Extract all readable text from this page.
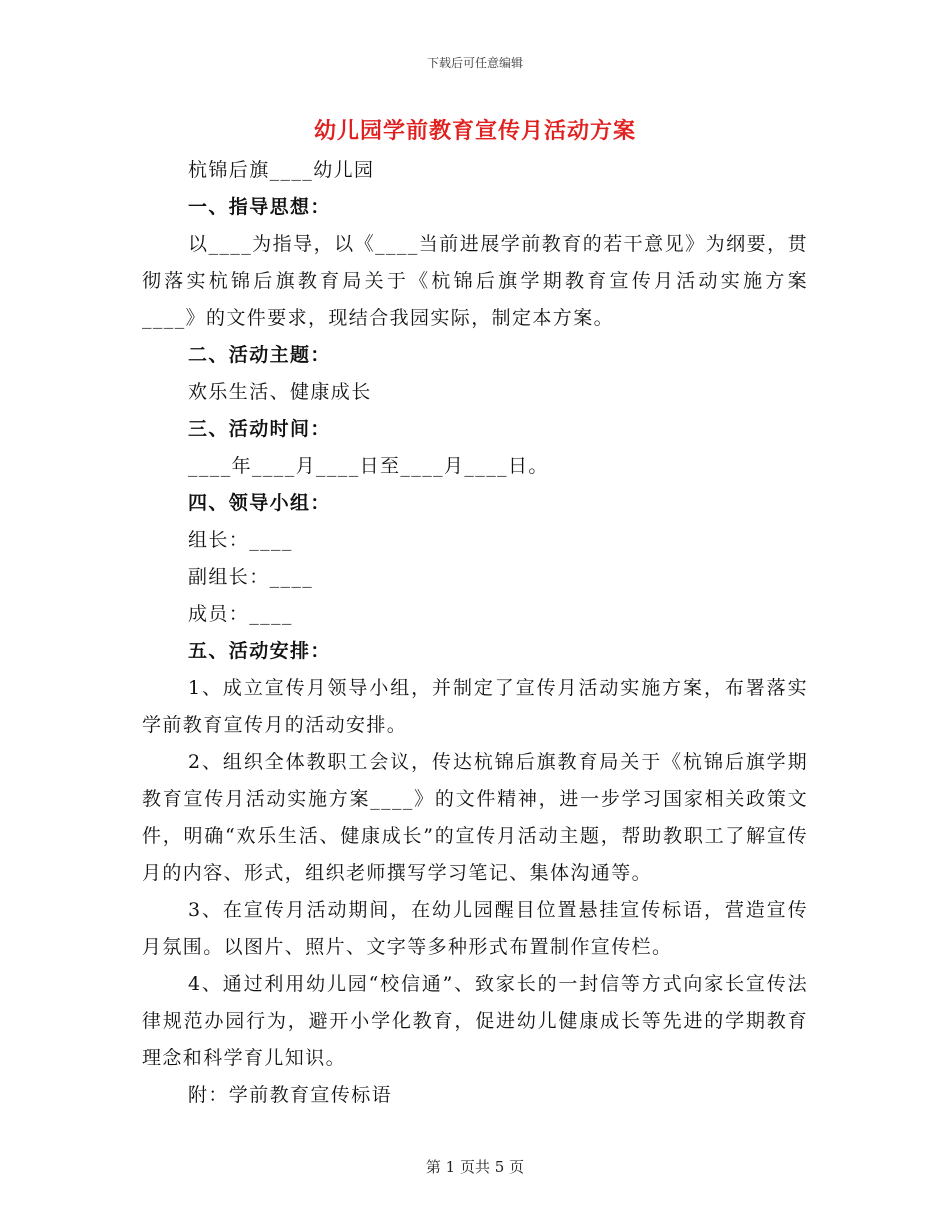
下载后可任意编辑
幼儿园学前教育宣传月活动方案

杭锦后旗____幼儿园

一、指导思想：

以____为指导，以《____当前进展学前教育的若干意见》为纲要，贯彻落实杭锦后旗教育局关于《杭锦后旗学期教育宣传月活动实施方案____》的文件要求，现结合我园实际，制定本方案。

二、活动主题：

欢乐生活、健康成长

三、活动时间：

____年____月____日至____月____日。

四、领导小组：

组长：____

副组长：____

成员：____

五、活动安排：

1、成立宣传月领导小组，并制定了宣传月活动实施方案，布署落实学前教育宣传月的活动安排。

2、组织全体教职工会议，传达杭锦后旗教育局关于《杭锦后旗学期教育宣传月活动实施方案____》的文件精神，进一步学习国家相关政策文件，明确“欢乐生活、健康成长”的宣传月活动主题，帮助教职工了解宣传月的内容、形式，组织老师撰写学习笔记、集体沟通等。

3、在宣传月活动期间，在幼儿园醒目位置悬挂宣传标语，营造宣传月氛围。以图片、照片、文字等多种形式布置制作宣传栏。

4、通过利用幼儿园“校信通”、致家长的一封信等方式向家长宣传法律规范办园行为，避开小学化教育，促进幼儿健康成长等先进的学期教育理念和科学育儿知识。

附：学前教育宣传标语

第 1 页共 5 页
